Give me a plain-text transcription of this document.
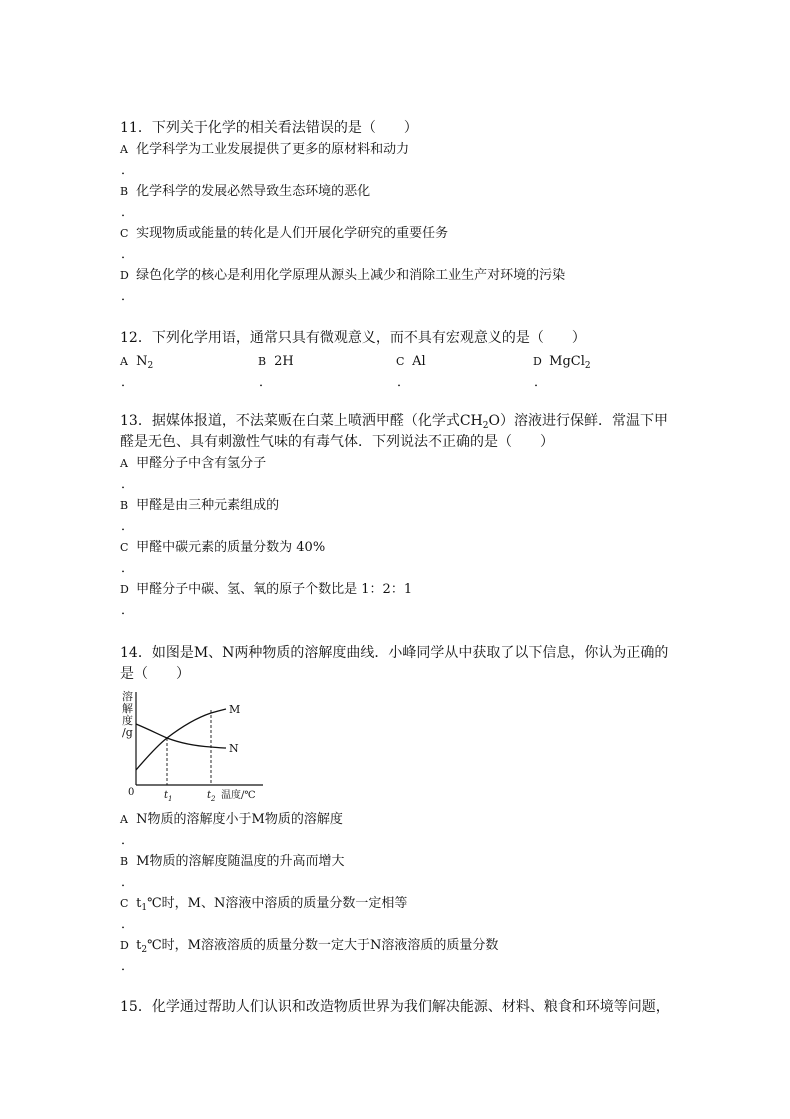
11．下列关于化学的相关看法错误的是（　　）

A 化学科学为工业发展提供了更多的原材料和动力
．
B 化学科学的发展必然导致生态环境的恶化
．
C 实现物质或能量的转化是人们开展化学研究的重要任务
．
D 绿色化学的核心是利用化学原理从源头上减少和消除工业生产对环境的污染
．

12．下列化学用语，通常只具有微观意义，而不具有宏观意义的是（　　）

A $N_2$
．
B 2H
．
C Al
．
D MgCl$_2$
．

13．据媒体报道，不法菜贩在白菜上喷洒甲醛（化学式$CH_2O$）溶液进行保鲜．常温下甲醛是无色、具有刺激性气味的有毒气体．下列说法不正确的是（　　）

A 甲醛分子中含有氢分子
．
B 甲醛是由三种元素组成的
．
C 甲醛中碳元素的质量分数为 40%
．
D 甲醛分子中碳、氢、氧的原子个数比是 1：2：1
．

14．如图是M、N两种物质的溶解度曲线．小峰同学从中获取了以下信息，你认为正确的是（　　）

溶
解
度
/g
0
M
N
$t_1$	$t_2$ 温度/℃
A N物质的溶解度小于M物质的溶解度
．
B M物质的溶解度随温度的升高而增大
．
C $t_1℃$时，M、N溶液中溶质的质量分数一定相等
．
D $t_2℃$时，M溶液溶质的质量分数一定大于N溶液溶质的质量分数
．

15．化学通过帮助人们认识和改造物质世界为我们解决能源、材料、粮食和环境等问题，
